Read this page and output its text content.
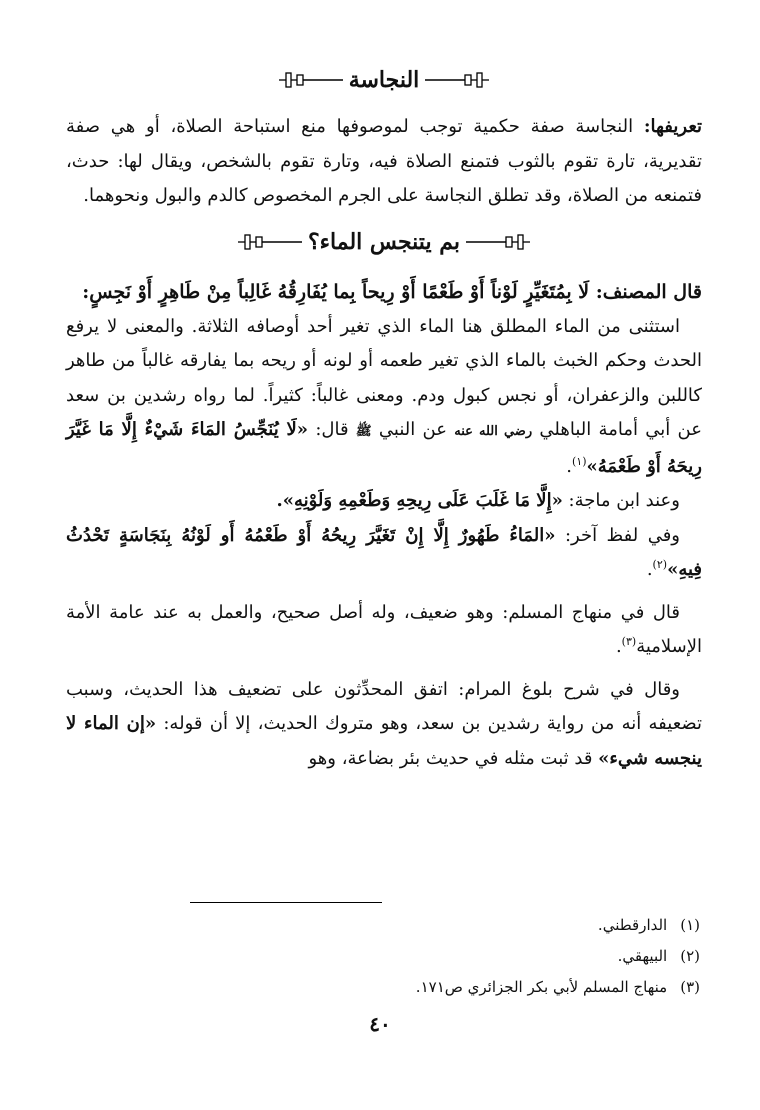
النجاسة

تعريفها: النجاسة صفة حكمية توجب لموصوفها منع استباحة الصلاة، أو هي صفة تقديرية، تارة تقوم بالثوب فتمنع الصلاة فيه، وتارة تقوم بالشخص، ويقال لها: حدث، فتمنعه من الصلاة، وقد تطلق النجاسة على الجرم المخصوص كالدم والبول ونحوهما.

بم يتنجس الماء؟

قال المصنف: لَا بِمُتَغَيِّرٍ لَوْناً أَوْ طَعْمًا أَوْ رِيحاً بِما يُفَارِقُهُ غَالِباً مِنْ طَاهِرٍ أَوْ نَجِسٍ:

استثنى من الماء المطلق هنا الماء الذي تغير أحد أوصافه الثلاثة. والمعنى لا يرفع الحدث وحكم الخبث بالماء الذي تغير طعمه أو لونه أو ريحه بما يفارقه غالباً من طاهر كاللبن والزعفران، أو نجس كبول ودم. ومعنى غالباً: كثيراً. لما رواه رشدين بن سعد عن أبي أمامة الباهلي رضي الله عنه عن النبي ﷺ قال: «لَا يُنَجِّسُ المَاءَ شَيْءٌ إِلَّا مَا غَيَّرَ رِيحَهُ أَوْ طَعْمَهُ»$^{(١)}$.

وعند ابن ماجة: «إِلَّا مَا غَلَبَ عَلَى رِيحِهِ وَطَعْمِهِ وَلَوْنِهِ».

وفي لفظ آخر: «المَاءُ طَهُورٌ إِلَّا إِنْ تَغَيَّرَ رِيحُهُ أَوْ طَعْمُهُ أَو لَوْنُهُ بِنَجَاسَةٍ تَحْدُثُ فِيهِ»$^{(٢)}$.

قال في منهاج المسلم: وهو ضعيف، وله أصل صحيح، والعمل به عند عامة الأمة الإسلامية$^{(٣)}$.

وقال في شرح بلوغ المرام: اتفق المحدِّثون على تضعيف هذا الحديث، وسبب تضعيفه أنه من رواية رشدين بن سعد، وهو متروك الحديث، إلا أن قوله: «إن الماء لا ينجسه شيء» قد ثبت مثله في حديث بئر بضاعة، وهو

(١) الدارقطني.
(٢) البيهقي.
(٣) منهاج المسلم لأبي بكر الجزائري ص١٧١.
٤٠
